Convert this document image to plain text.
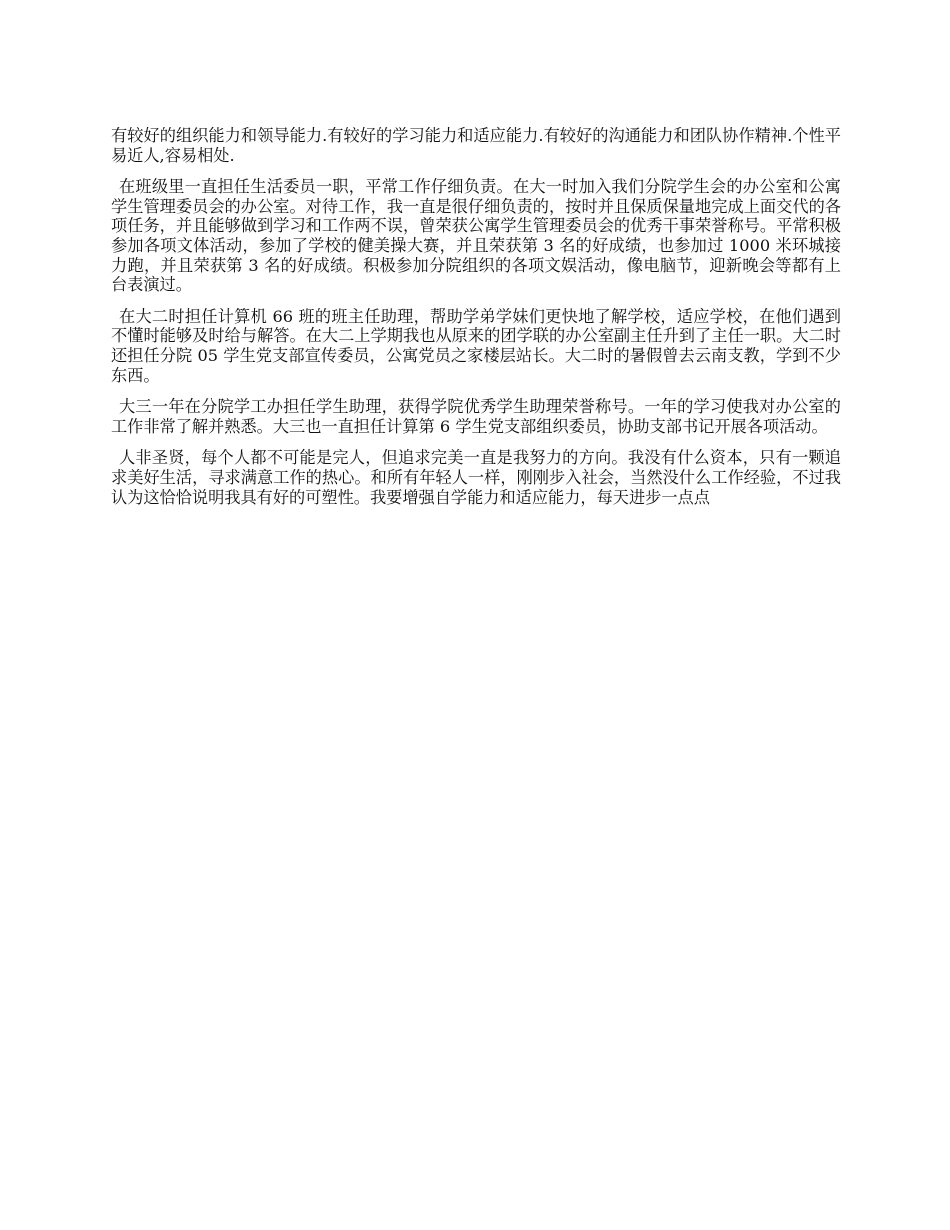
有较好的组织能力和领导能力.有较好的学习能力和适应能力.有较好的沟通能力和团队协作精神.个性平易近人,容易相处.

在班级里一直担任生活委员一职，平常工作仔细负责。在大一时加入我们分院学生会的办公室和公寓学生管理委员会的办公室。对待工作，我一直是很仔细负责的，按时并且保质保量地完成上面交代的各项任务，并且能够做到学习和工作两不误，曾荣获公寓学生管理委员会的优秀干事荣誉称号。平常积极参加各项文体活动，参加了学校的健美操大赛，并且荣获第 3 名的好成绩，也参加过 1000 米环城接力跑，并且荣获第 3 名的好成绩。积极参加分院组织的各项文娱活动，像电脑节，迎新晚会等都有上台表演过。

在大二时担任计算机 66 班的班主任助理，帮助学弟学妹们更快地了解学校，适应学校，在他们遇到不懂时能够及时给与解答。在大二上学期我也从原来的团学联的办公室副主任升到了主任一职。大二时还担任分院 05 学生党支部宣传委员，公寓党员之家楼层站长。大二时的暑假曾去云南支教，学到不少东西。

大三一年在分院学工办担任学生助理，获得学院优秀学生助理荣誉称号。一年的学习使我对办公室的工作非常了解并熟悉。大三也一直担任计算第 6 学生党支部组织委员，协助支部书记开展各项活动。

人非圣贤，每个人都不可能是完人，但追求完美一直是我努力的方向。我没有什么资本，只有一颗追求美好生活，寻求满意工作的热心。和所有年轻人一样，刚刚步入社会，当然没什么工作经验，不过我认为这恰恰说明我具有好的可塑性。我要增强自学能力和适应能力，每天进步一点点
